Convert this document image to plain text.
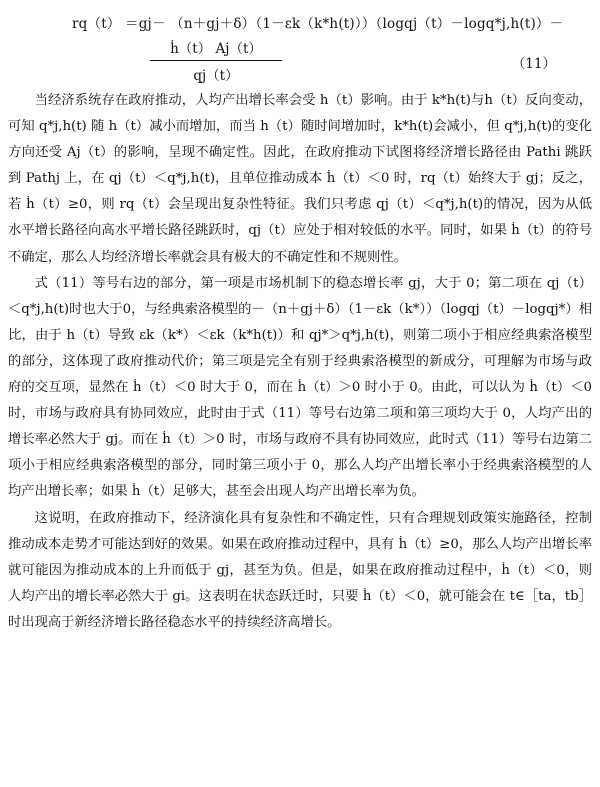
rq（t） ＝gj－ （n＋gj＋δ）（1－εk（k*h(t)））（logqj（t）－logq*j,h(t)）－
ḣ（t） Aj（t）
qj（t）
（11）

当经济系统存在政府推动，人均产出增长率会受 h（t）影响。由于 k*h(t)与h（t）反向变动，可知 q*j,h(t) 随 h（t）减小而增加，而当 h（t）随时间增加时，k*h(t)会减小，但 q*j,h(t)的变化方向还受 Aj（t）的影响，呈现不确定性。因此，在政府推动下试图将经济增长路径由 Pathi 跳跃到 Pathj 上，在 qj（t）＜q*j,h(t)，且单位推动成本 ḣ（t）＜0 时，rq（t）始终大于 gj；反之，若 ḣ（t）≥0，则 rq（t）会呈现出复杂性特征。我们只考虑 qj（t）＜q*j,h(t)的情况，因为从低水平增长路径向高水平增长路径跳跃时，qj（t）应处于相对较低的水平。同时，如果 ḣ（t）的符号不确定，那么人均经济增长率就会具有极大的不确定性和不规则性。

式（11）等号右边的部分，第一项是市场机制下的稳态增长率 gj，大于 0；第二项在 qj（t）＜q*j,h(t)时也大于0，与经典索洛模型的－（n＋gj＋δ）（1－εk（k*））（logqj（t）－logqj*）相比，由于 h（t）导致 εk（k*）＜εk（k*h(t)）和 qj*＞q*j,h(t)，则第二项小于相应经典索洛模型的部分，这体现了政府推动代价；第三项是完全有别于经典索洛模型的新成分，可理解为市场与政府的交互项，显然在 ḣ（t）＜0 时大于 0，而在 ḣ（t）＞0 时小于 0。由此，可以认为 ḣ（t）＜0 时，市场与政府具有协同效应，此时由于式（11）等号右边第二项和第三项均大于 0，人均产出的增长率必然大于 gj。而在 ḣ（t）＞0 时，市场与政府不具有协同效应，此时式（11）等号右边第二项小于相应经典索洛模型的部分，同时第三项小于 0，那么人均产出增长率小于经典索洛模型的人均产出增长率；如果 ḣ（t）足够大，甚至会出现人均产出增长率为负。

这说明，在政府推动下，经济演化具有复杂性和不确定性，只有合理规划政策实施路径，控制推动成本走势才可能达到好的效果。如果在政府推动过程中，具有 ḣ（t）≥0，那么人均产出增长率就可能因为推动成本的上升而低于 gj，甚至为负。但是，如果在政府推动过程中，ḣ（t）＜0，则人均产出的增长率必然大于 gi。这表明在状态跃迁时，只要 ḣ（t）＜0，就可能会在 t∈［ta，tb］时出现高于新经济增长路径稳态水平的持续经济高增长。
